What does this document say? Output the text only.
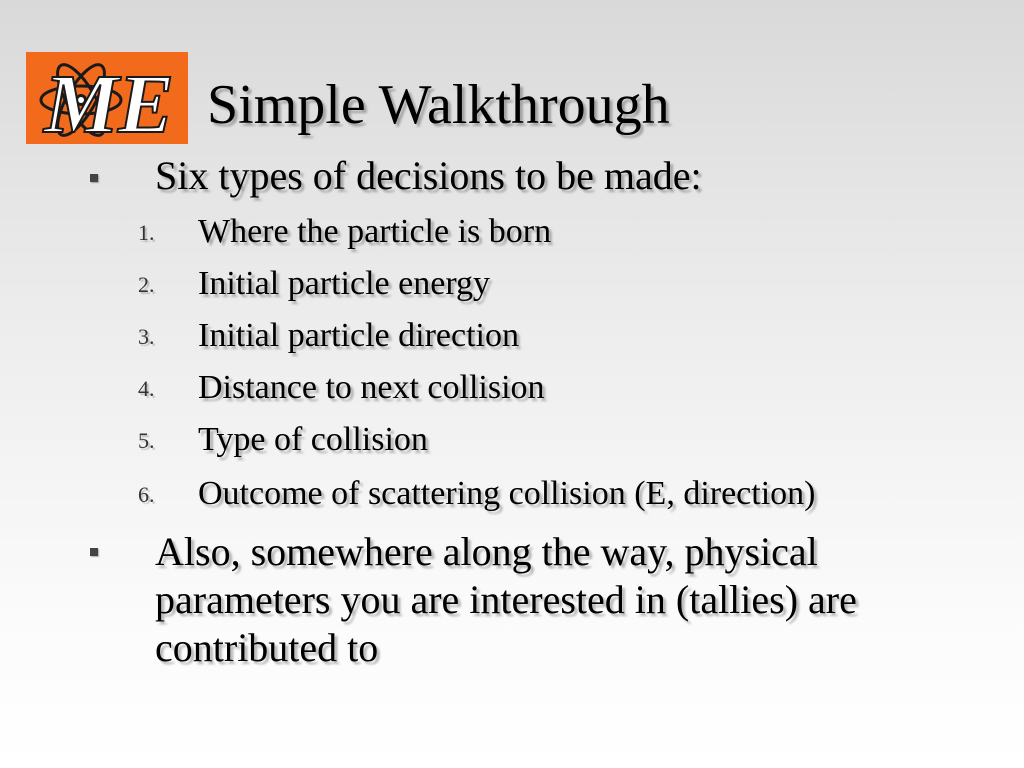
M E Simple Walkthrough
Six types of decisions to be made:
1.	Where the particle is born
2.	Initial particle energy
3.	Initial particle direction
4.	Distance to next collision
5.	Type of collision
6.	Outcome of scattering collision (E, direction)
Also, somewhere along the way, physical parameters you are interested in (tallies) are contributed to
